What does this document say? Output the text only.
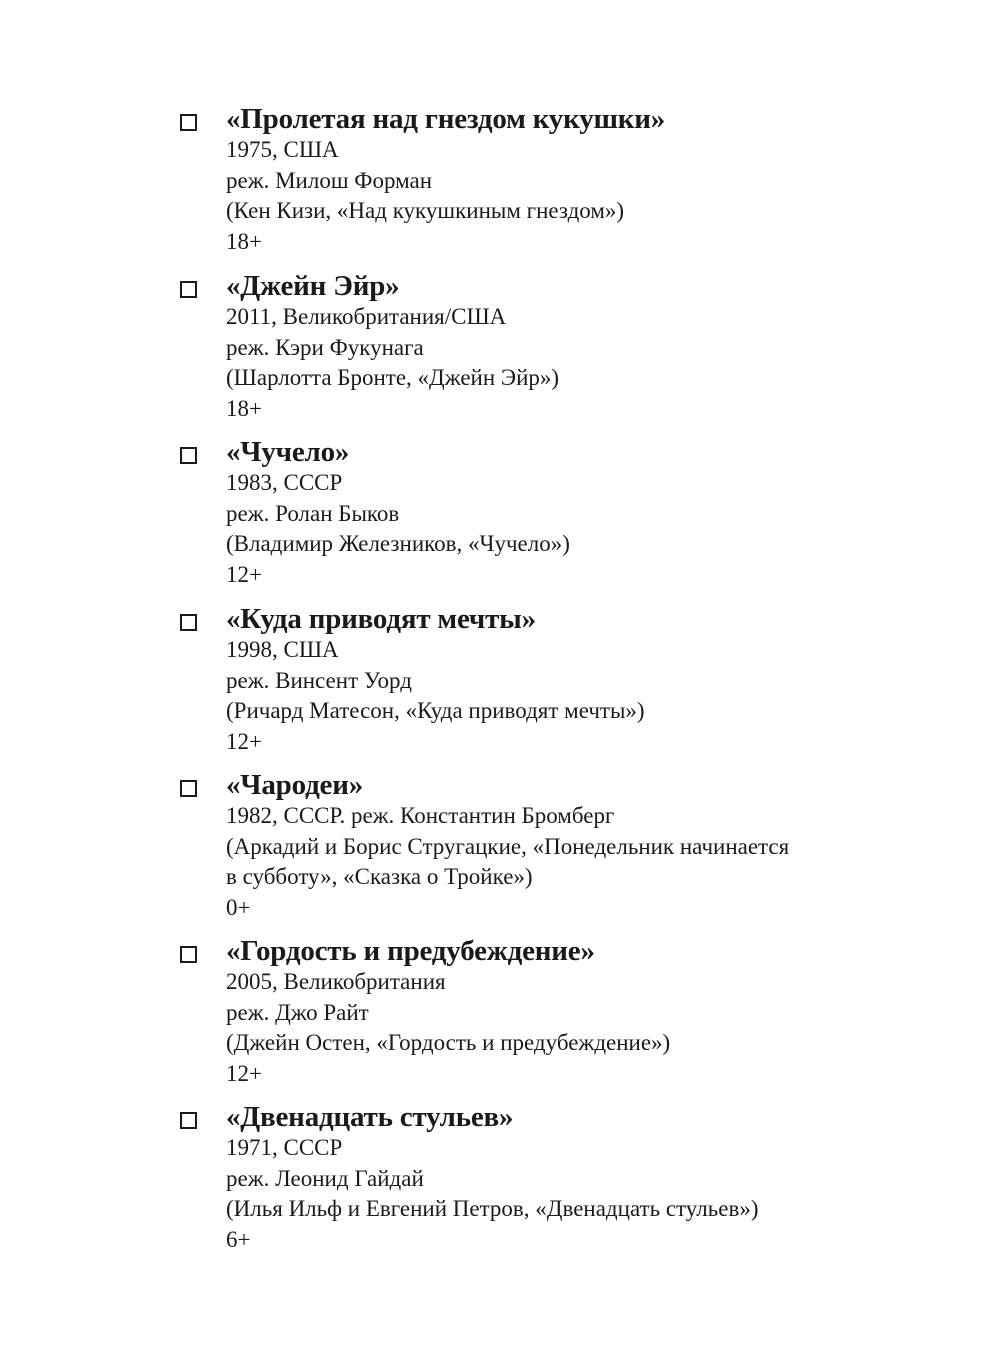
«Пролетая над гнездом кукушки»
1975, США
реж. Милош Форман
(Кен Кизи, «Над кукушкиным гнездом»)
18+
«Джейн Эйр»
2011, Великобритания/США
реж. Кэри Фукунага
(Шарлотта Бронте, «Джейн Эйр»)
18+
«Чучело»
1983, СССР
реж. Ролан Быков
(Владимир Железников, «Чучело»)
12+
«Куда приводят мечты»
1998, США
реж. Винсент Уорд
(Ричард Матесон, «Куда приводят мечты»)
12+
«Чародеи»
1982, СССР. реж. Константин Бромберг
(Аркадий и Борис Стругацкие, «Понедельник начинается
в субботу», «Сказка о Тройке»)
0+
«Гордость и предубеждение»
2005, Великобритания
реж. Джо Райт
(Джейн Остен, «Гордость и предубеждение»)
12+
«Двенадцать стульев»
1971, СССР
реж. Леонид Гайдай
(Илья Ильф и Евгений Петров, «Двенадцать стульев»)
6+
